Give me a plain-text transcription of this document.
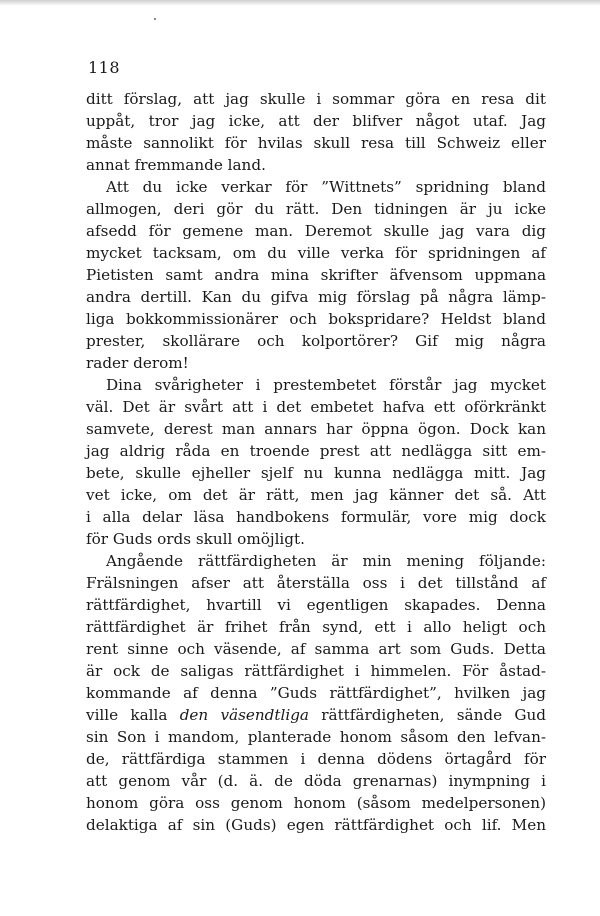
118
ditt förslag, att jag skulle i sommar göra en resa dit
uppåt, tror jag icke, att der blifver något utaf. Jag
måste sannolikt för hvilas skull resa till Schweiz eller
annat fremmande land.
Att du icke verkar för ”Wittnets” spridning bland
allmogen, deri gör du rätt. Den tidningen är ju icke
afsedd för gemene man. Deremot skulle jag vara dig
mycket tacksam, om du ville verka för spridningen af
Pietisten samt andra mina skrifter äfvensom uppmana
andra dertill. Kan du gifva mig förslag på några lämp-
liga bokkommissionärer och bokspridare? Heldst bland
prester, skollärare och kolportörer? Gif mig några
rader derom!
Dina svårigheter i prestembetet förstår jag mycket
väl. Det är svårt att i det embetet hafva ett oförkränkt
samvete, derest man annars har öppna ögon. Dock kan
jag aldrig råda en troende prest att nedlägga sitt em-
bete, skulle ejheller sjelf nu kunna nedlägga mitt. Jag
vet icke, om det är rätt, men jag känner det så. Att
i alla delar läsa handbokens formulär, vore mig dock
för Guds ords skull omöjligt.
Angående rättfärdigheten är min mening följande:
Frälsningen afser att återställa oss i det tillstånd af
rättfärdighet, hvartill vi egentligen skapades. Denna
rättfärdighet är frihet från synd, ett i allo heligt och
rent sinne och väsende, af samma art som Guds. Detta
är ock de saligas rättfärdighet i himmelen. För åstad-
kommande af denna ”Guds rättfärdighet”, hvilken jag
ville kalla den väsendtliga rättfärdigheten, sände Gud
sin Son i mandom, planterade honom såsom den lefvan-
de, rättfärdiga stammen i denna dödens örtagård för
att genom vår (d. ä. de döda grenarnas) inympning i
honom göra oss genom honom (såsom medelpersonen)
delaktiga af sin (Guds) egen rättfärdighet och lif. Men
